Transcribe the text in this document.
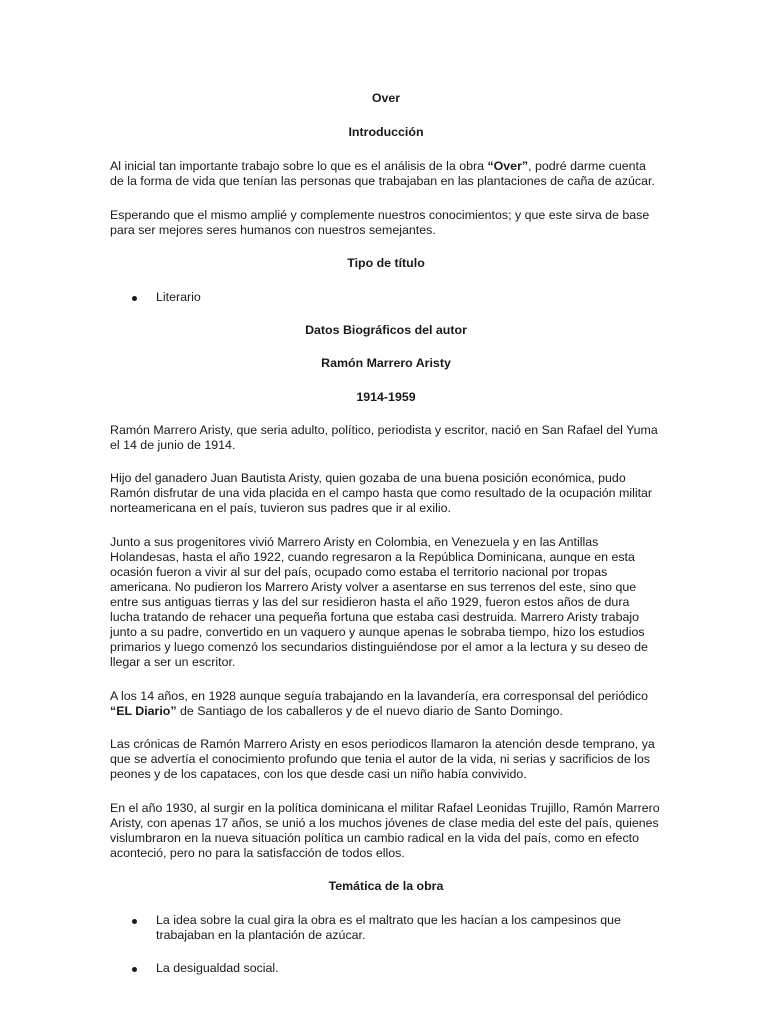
Over

Introducción

Al inicial tan importante trabajo sobre lo que es el análisis de la obra “Over”, podré darme cuenta de la forma de vida que tenían las personas que trabajaban en las plantaciones de caña de azúcar.

Esperando que el mismo amplié y complemente nuestros conocimientos; y que este sirva de base para ser mejores seres humanos con nuestros semejantes.

Tipo de título

Literario

Datos Biográficos del autor

Ramón Marrero Aristy

1914-1959

Ramón Marrero Aristy, que seria adulto, político, periodista y escritor, nació en San Rafael del Yuma el 14 de junio de 1914.

Hijo del ganadero Juan Bautista Aristy, quien gozaba de una buena posición económica, pudo Ramón disfrutar de una vida placida en el campo hasta que como resultado de la ocupación militar norteamericana en el país, tuvieron sus padres que ir al exilio.

Junto a sus progenitores vivió Marrero Aristy en Colombia, en Venezuela y en las Antillas Holandesas, hasta el año 1922, cuando regresaron a la República Dominicana, aunque en esta ocasión fueron a vivir al sur del país, ocupado como estaba el territorio nacional por tropas americana. No pudieron los Marrero Aristy volver a asentarse en sus terrenos del este, sino que entre sus antiguas tierras y las del sur residieron hasta el año 1929, fueron estos años de dura lucha tratando de rehacer una pequeña fortuna que estaba casi destruida. Marrero Aristy trabajo junto a su padre, convertido en un vaquero y aunque apenas le sobraba tiempo, hizo los estudios primarios y luego comenzó los secundarios distinguiéndose por el amor a la lectura y su deseo de llegar a ser un escritor.

A los 14 años, en 1928 aunque seguía trabajando en la lavandería, era corresponsal del periódico “EL Diario” de Santiago de los caballeros y de el nuevo diario de Santo Domingo.

Las crónicas de Ramón Marrero Aristy en esos periodicos llamaron la atención desde temprano, ya que se advertía el conocimiento profundo que tenia el autor de la vida, ni serias y sacrificios de los peones y de los capataces, con los que desde casi un niño había convivido.

En el año 1930, al surgir en la política dominicana el militar Rafael Leonidas Trujillo, Ramón Marrero Aristy, con apenas 17 años, se unió a los muchos jóvenes de clase media del este del país, quienes vislumbraron en la nueva situación política un cambio radical en la vida del país, como en efecto aconteció, pero no para la satisfacción de todos ellos.

Temática de la obra

La idea sobre la cual gira la obra es el maltrato que les hacían a los campesinos que trabajaban en la plantación de azúcar.
La desigualdad social.
